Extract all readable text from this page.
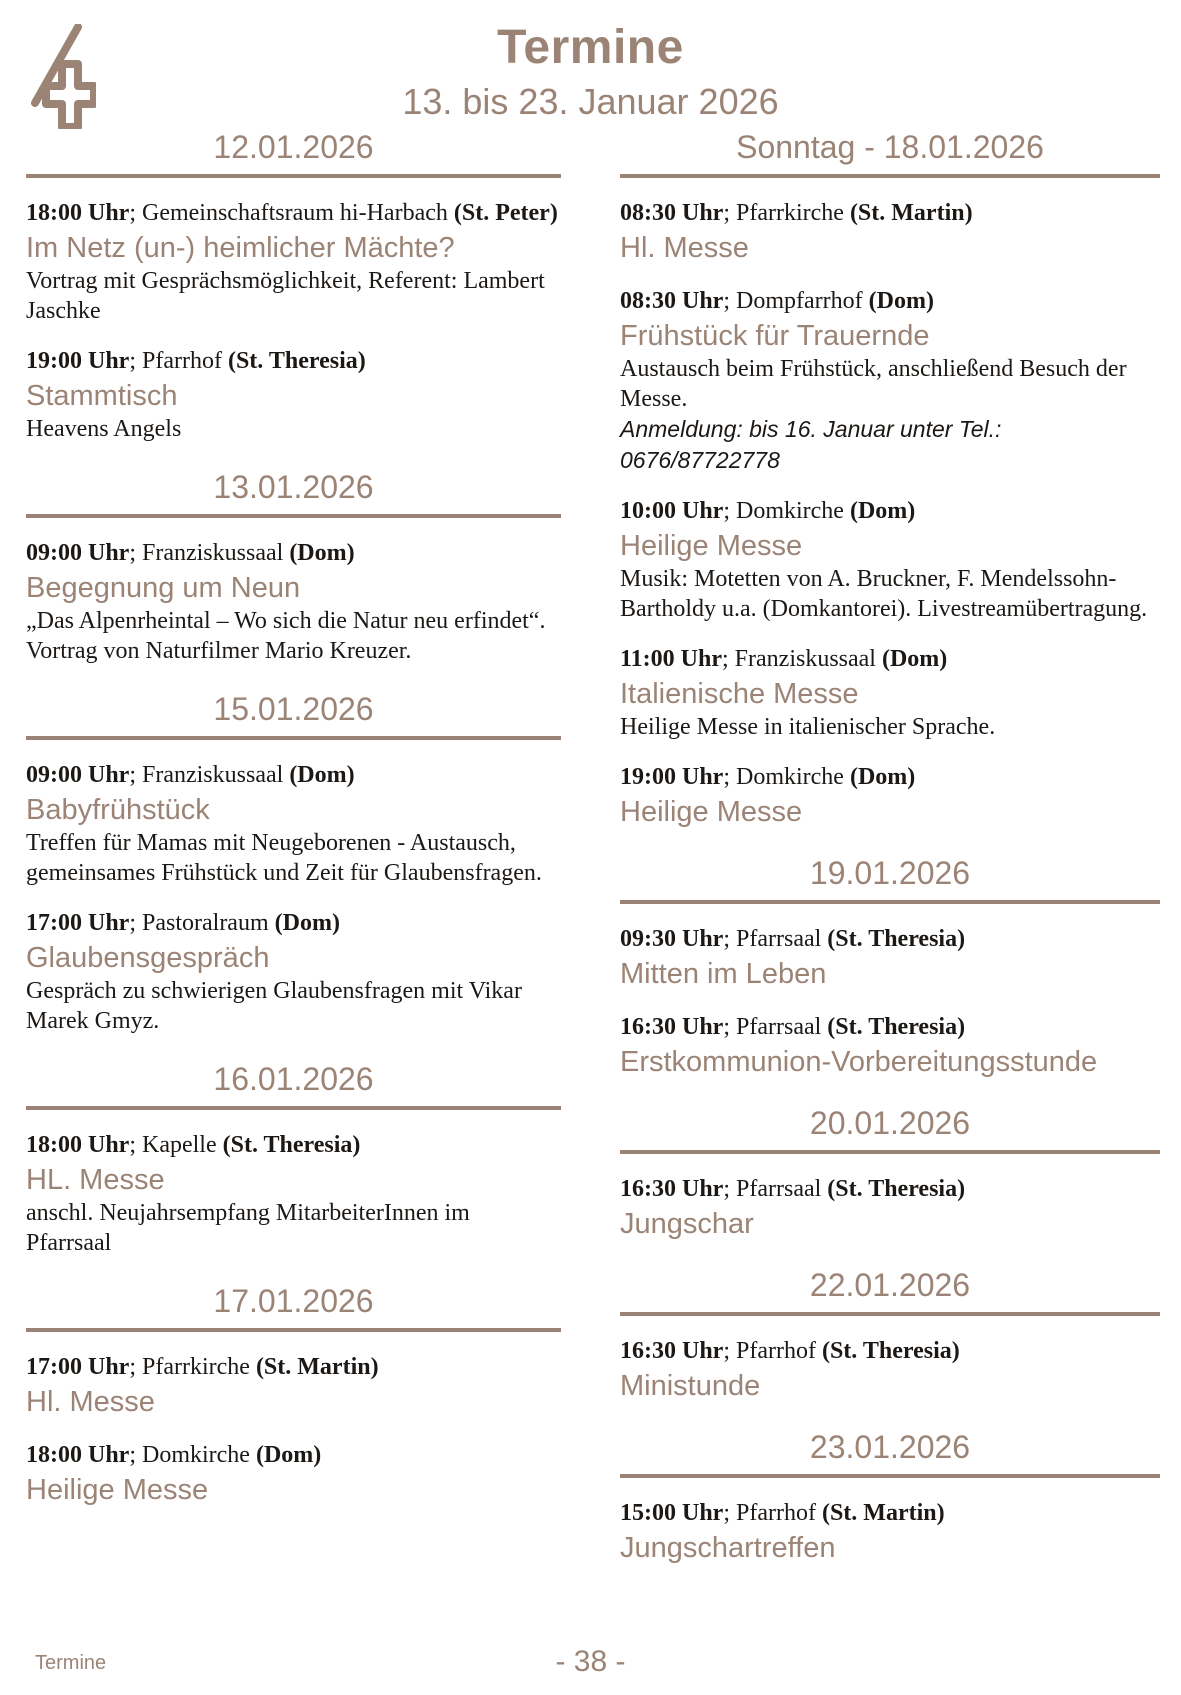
Termine
13. bis 23. Januar 2026
12.01.2026
18:00 Uhr; Gemeinschaftsraum hi-Harbach (St. Peter)
Im Netz (un-) heimlicher Mächte?
Vortrag mit Gesprächsmöglichkeit, Referent: Lambert Jaschke
19:00 Uhr; Pfarrhof (St. Theresia)
Stammtisch
Heavens Angels
13.01.2026
09:00 Uhr; Franziskussaal (Dom)
Begegnung um Neun
„Das Alpenrheintal – Wo sich die Natur neu erfindet“. Vortrag von Naturfilmer Mario Kreuzer.
15.01.2026
09:00 Uhr; Franziskussaal (Dom)
Babyfrühstück
Treffen für Mamas mit Neugeborenen - Austausch, gemeinsames Frühstück und Zeit für Glaubensfragen.
17:00 Uhr; Pastoralraum (Dom)
Glaubensgespräch
Gespräch zu schwierigen Glaubensfragen mit Vikar Marek Gmyz.
16.01.2026
18:00 Uhr; Kapelle (St. Theresia)
HL. Messe
anschl. Neujahrsempfang MitarbeiterInnen im Pfarrsaal
17.01.2026
17:00 Uhr; Pfarrkirche (St. Martin)
Hl. Messe
18:00 Uhr; Domkirche (Dom)
Heilige Messe
Sonntag - 18.01.2026
08:30 Uhr; Pfarrkirche (St. Martin)
Hl. Messe
08:30 Uhr; Dompfarrhof (Dom)
Frühstück für Trauernde
Austausch beim Frühstück, anschließend Besuch der Messe.
Anmeldung: bis 16. Januar unter Tel.: 0676/87722778
10:00 Uhr; Domkirche (Dom)
Heilige Messe
Musik: Motetten von A. Bruckner, F. Mendelssohn-Bartholdy u.a. (Domkantorei). Livestreamübertragung.
11:00 Uhr; Franziskussaal (Dom)
Italienische Messe
Heilige Messe in italienischer Sprache.
19:00 Uhr; Domkirche (Dom)
Heilige Messe
19.01.2026
09:30 Uhr; Pfarrsaal (St. Theresia)
Mitten im Leben
16:30 Uhr; Pfarrsaal (St. Theresia)
Erstkommunion-Vorbereitungsstunde
20.01.2026
16:30 Uhr; Pfarrsaal (St. Theresia)
Jungschar
22.01.2026
16:30 Uhr; Pfarrhof (St. Theresia)
Ministunde
23.01.2026
15:00 Uhr; Pfarrhof (St. Martin)
Jungschartreffen
- 38 -
Termine
